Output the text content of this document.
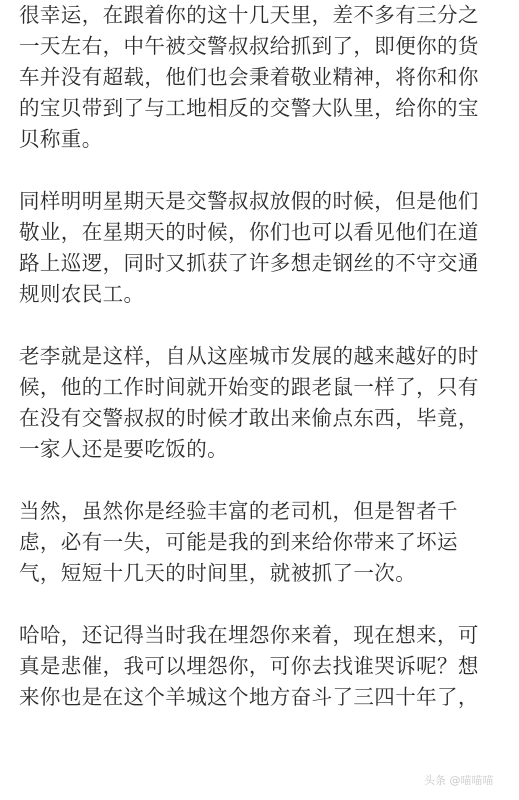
很幸运，在跟着你的这十几天里，差不多有三分之
一天左右，中午被交警叔叔给抓到了，即便你的货
车并没有超载，他们也会秉着敬业精神，将你和你
的宝贝带到了与工地相反的交警大队里，给你的宝
贝称重。

同样明明星期天是交警叔叔放假的时候，但是他们
敬业，在星期天的时候，你们也可以看见他们在道
路上巡逻，同时又抓获了许多想走钢丝的不守交通
规则农民工。

老李就是这样，自从这座城市发展的越来越好的时
候，他的工作时间就开始变的跟老鼠一样了，只有
在没有交警叔叔的时候才敢出来偷点东西，毕竟，
一家人还是要吃饭的。

当然，虽然你是经验丰富的老司机，但是智者千
虑，必有一失，可能是我的到来给你带来了坏运
气，短短十几天的时间里，就被抓了一次。

哈哈，还记得当时我在埋怨你来着，现在想来，可
真是悲催，我可以埋怨你，可你去找谁哭诉呢？想
来你也是在这个羊城这个地方奋斗了三四十年了，

头条 @喵喵喵
